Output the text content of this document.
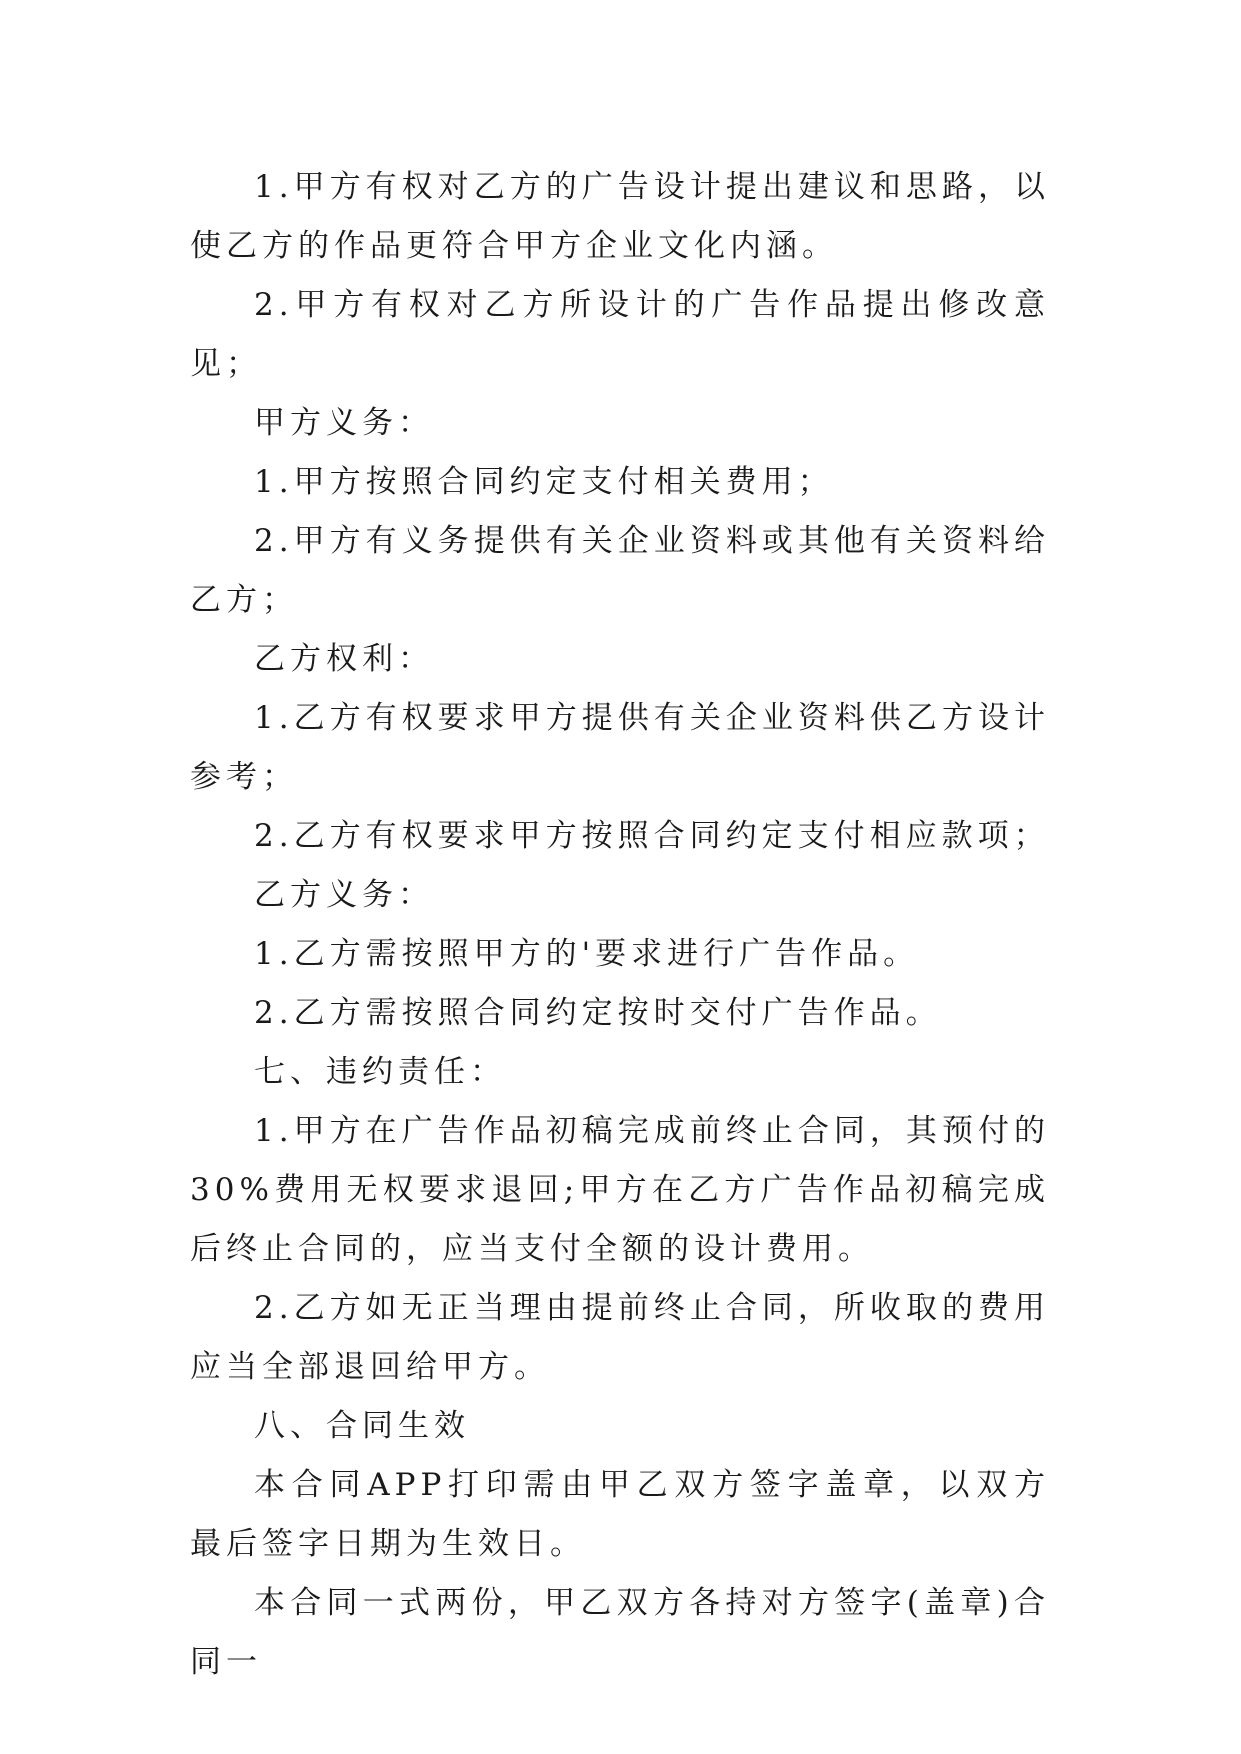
1.甲方有权对乙方的广告设计提出建议和思路，以使乙方的作品更符合甲方企业文化内涵。

2.甲方有权对乙方所设计的广告作品提出修改意见；

甲方义务：

1.甲方按照合同约定支付相关费用；

2.甲方有义务提供有关企业资料或其他有关资料给乙方；

乙方权利：

1.乙方有权要求甲方提供有关企业资料供乙方设计参考；

2.乙方有权要求甲方按照合同约定支付相应款项；

乙方义务：

1.乙方需按照甲方的'要求进行广告作品。

2.乙方需按照合同约定按时交付广告作品。

七、违约责任：

1.甲方在广告作品初稿完成前终止合同，其预付的30%费用无权要求退回;甲方在乙方广告作品初稿完成后终止合同的，应当支付全额的设计费用。

2.乙方如无正当理由提前终止合同，所收取的费用应当全部退回给甲方。

八、合同生效

本合同APP打印需由甲乙双方签字盖章，以双方最后签字日期为生效日。

本合同一式两份，甲乙双方各持对方签字(盖章)合同一
